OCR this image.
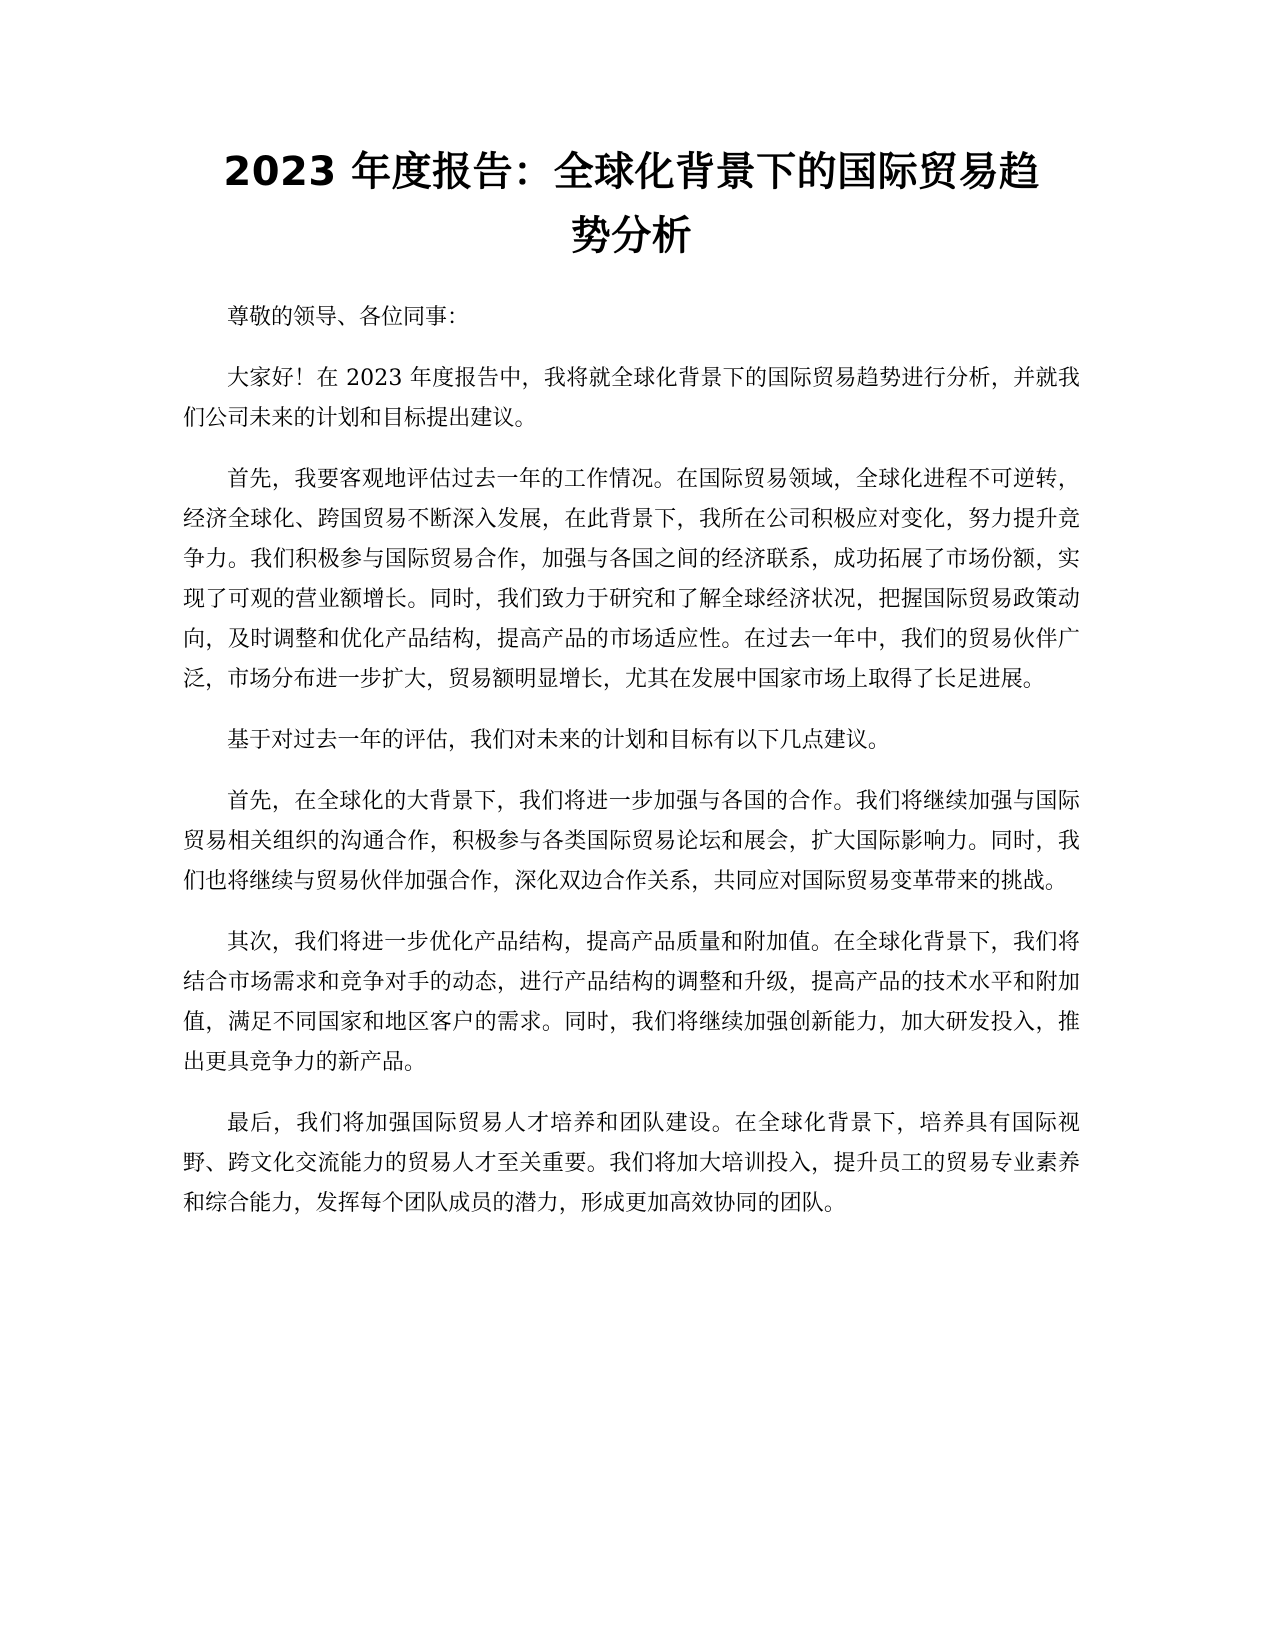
2023 年度报告：全球化背景下的国际贸易趋
势分析

尊敬的领导、各位同事：

大家好！在 2023 年度报告中，我将就全球化背景下的国际贸易趋势进行分析，并就我们公司未来的计划和目标提出建议。

首先，我要客观地评估过去一年的工作情况。在国际贸易领域，全球化进程不可逆转，经济全球化、跨国贸易不断深入发展，在此背景下，我所在公司积极应对变化，努力提升竞争力。我们积极参与国际贸易合作，加强与各国之间的经济联系，成功拓展了市场份额，实现了可观的营业额增长。同时，我们致力于研究和了解全球经济状况，把握国际贸易政策动向，及时调整和优化产品结构，提高产品的市场适应性。在过去一年中，我们的贸易伙伴广泛，市场分布进一步扩大，贸易额明显增长，尤其在发展中国家市场上取得了长足进展。

基于对过去一年的评估，我们对未来的计划和目标有以下几点建议。

首先，在全球化的大背景下，我们将进一步加强与各国的合作。我们将继续加强与国际贸易相关组织的沟通合作，积极参与各类国际贸易论坛和展会，扩大国际影响力。同时，我们也将继续与贸易伙伴加强合作，深化双边合作关系，共同应对国际贸易变革带来的挑战。

其次，我们将进一步优化产品结构，提高产品质量和附加值。在全球化背景下，我们将结合市场需求和竞争对手的动态，进行产品结构的调整和升级，提高产品的技术水平和附加值，满足不同国家和地区客户的需求。同时，我们将继续加强创新能力，加大研发投入，推出更具竞争力的新产品。

最后，我们将加强国际贸易人才培养和团队建设。在全球化背景下，培养具有国际视野、跨文化交流能力的贸易人才至关重要。我们将加大培训投入，提升员工的贸易专业素养和综合能力，发挥每个团队成员的潜力，形成更加高效协同的团队。
